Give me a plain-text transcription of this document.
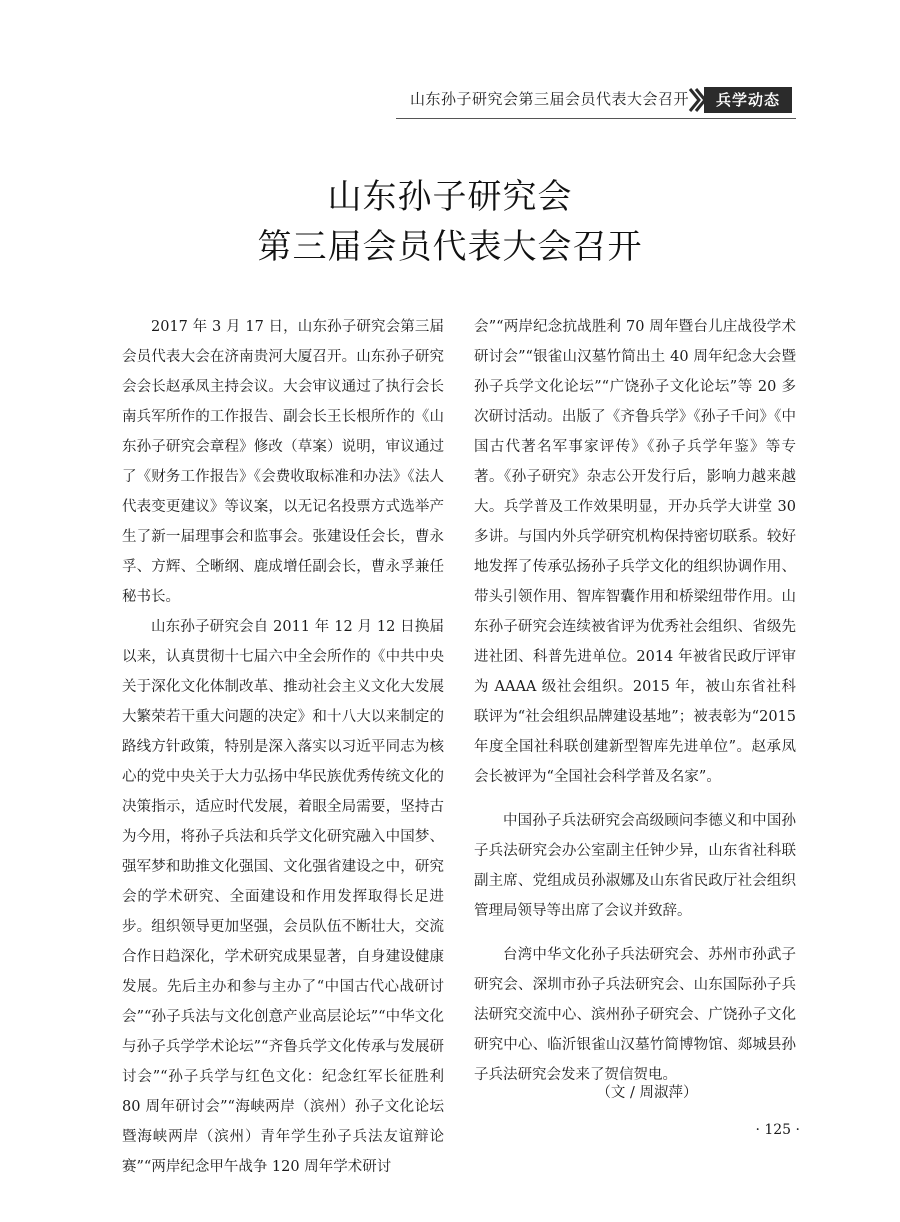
山东孙子研究会第三届会员代表大会召开	兵学动态
山东孙子研究会
第三届会员代表大会召开

2017 年 3 月 17 日，山东孙子研究会第三届会员代表大会在济南贵河大厦召开。山东孙子研究会会长赵承凤主持会议。大会审议通过了执行会长南兵军所作的工作报告、副会长王长根所作的《山东孙子研究会章程》修改（草案）说明，审议通过了《财务工作报告》《会费收取标准和办法》《法人代表变更建议》等议案，以无记名投票方式选举产生了新一届理事会和监事会。张建设任会长，曹永孚、方辉、仝晰纲、鹿成增任副会长，曹永孚兼任秘书长。

山东孙子研究会自 2011 年 12 月 12 日换届以来，认真贯彻十七届六中全会所作的《中共中央关于深化文化体制改革、推动社会主义文化大发展大繁荣若干重大问题的决定》和十八大以来制定的路线方针政策，特别是深入落实以习近平同志为核心的党中央关于大力弘扬中华民族优秀传统文化的决策指示，适应时代发展，着眼全局需要，坚持古为今用，将孙子兵法和兵学文化研究融入中国梦、强军梦和助推文化强国、文化强省建设之中，研究会的学术研究、全面建设和作用发挥取得长足进步。组织领导更加坚强，会员队伍不断壮大，交流合作日趋深化，学术研究成果显著，自身建设健康发展。先后主办和参与主办了“中国古代心战研讨会”“孙子兵法与文化创意产业高层论坛”“中华文化与孙子兵学学术论坛”“齐鲁兵学文化传承与发展研讨会”“孙子兵学与红色文化：纪念红军长征胜利 80 周年研讨会”“海峡两岸（滨州）孙子文化论坛暨海峡两岸（滨州）青年学生孙子兵法友谊辩论赛”“两岸纪念甲午战争 120 周年学术研讨

会”“两岸纪念抗战胜利 70 周年暨台儿庄战役学术研讨会”“银雀山汉墓竹简出土 40 周年纪念大会暨孙子兵学文化论坛”“广饶孙子文化论坛”等 20 多次研讨活动。出版了《齐鲁兵学》《孙子千问》《中国古代著名军事家评传》《孙子兵学年鉴》等专著。《孙子研究》杂志公开发行后，影响力越来越大。兵学普及工作效果明显，开办兵学大讲堂 30 多讲。与国内外兵学研究机构保持密切联系。较好地发挥了传承弘扬孙子兵学文化的组织协调作用、带头引领作用、智库智囊作用和桥梁纽带作用。山东孙子研究会连续被省评为优秀社会组织、省级先进社团、科普先进单位。2014 年被省民政厅评审为 AAAA 级社会组织。2015 年，被山东省社科联评为“社会组织品牌建设基地”；被表彰为“2015 年度全国社科联创建新型智库先进单位”。赵承凤会长被评为“全国社会科学普及名家”。

中国孙子兵法研究会高级顾问李德义和中国孙子兵法研究会办公室副主任钟少异，山东省社科联副主席、党组成员孙淑娜及山东省民政厅社会组织管理局领导等出席了会议并致辞。

台湾中华文化孙子兵法研究会、苏州市孙武子研究会、深圳市孙子兵法研究会、山东国际孙子兵法研究交流中心、滨州孙子研究会、广饶孙子文化研究中心、临沂银雀山汉墓竹简博物馆、郯城县孙子兵法研究会发来了贺信贺电。

（文 / 周淑萍）
· 125 ·
